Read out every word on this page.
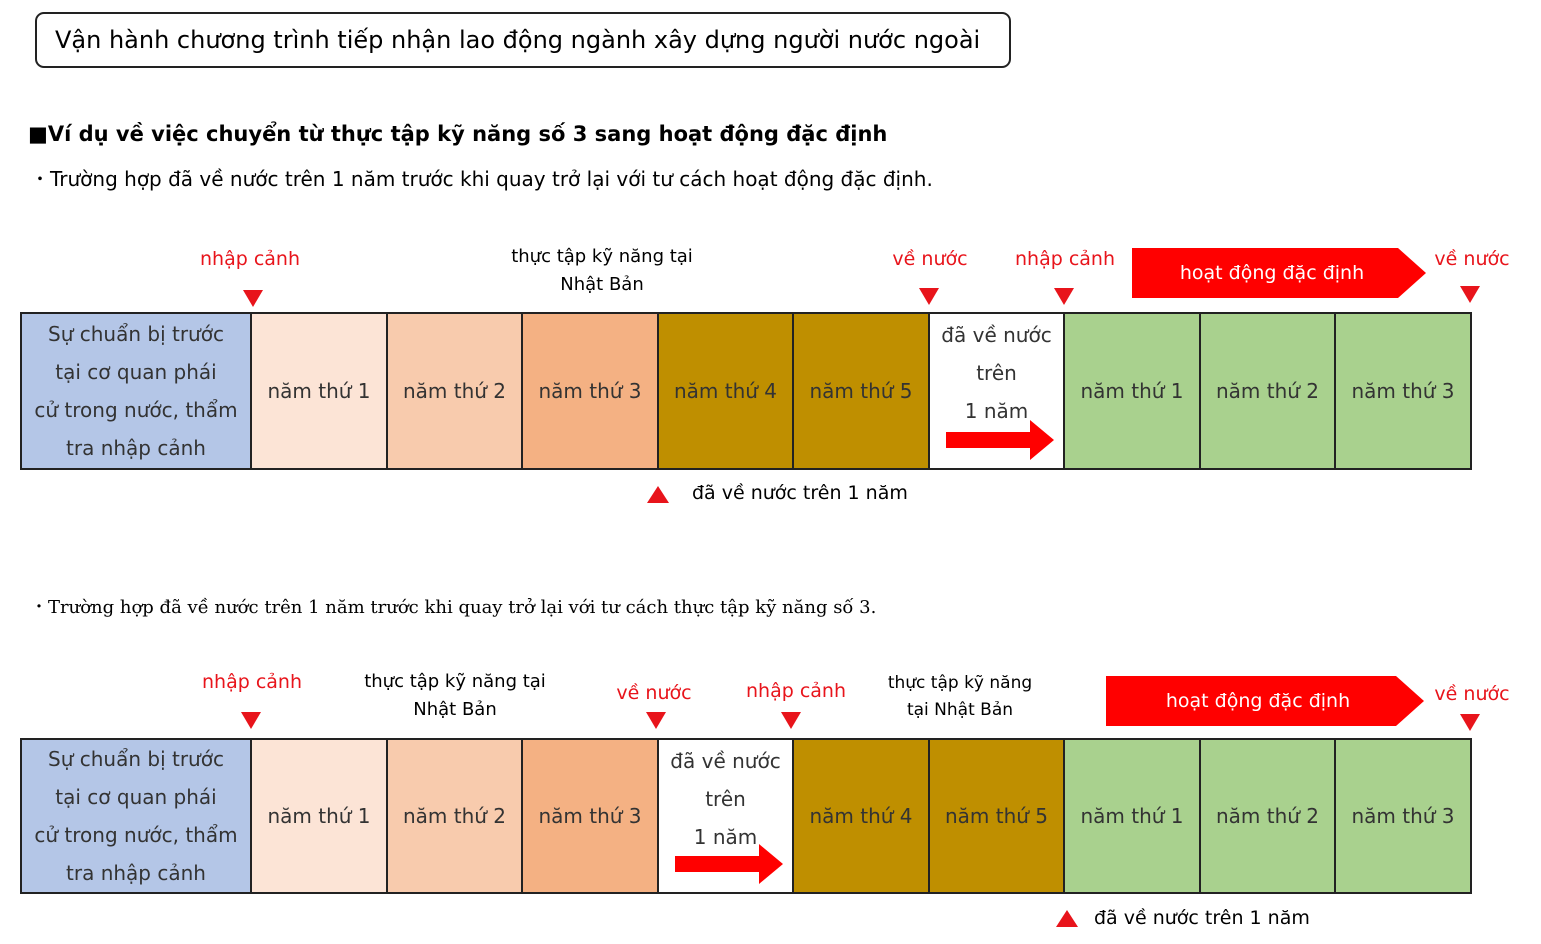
Vận hành chương trình tiếp nhận lao động ngành xây dựng người nước ngoài
■Ví dụ về việc chuyển từ thực tập kỹ năng số 3 sang hoạt động đặc định
・Trường hợp đã về nước trên 1 năm trước khi quay trở lại với tư cách hoạt động đặc định.
nhập cảnh	thực tập kỹ năng tại
Nhật Bản
về nước nhập cảnh
hoạt động đặc định
về nước
Sự chuẩn bị trước
tại cơ quan phái
cử trong nước, thẩm
tra nhập cảnh
năm thứ 1	năm thứ 2	năm thứ 3	năm thứ 4	năm thứ 5
đã về nước
trên
1 năm
năm thứ 1	năm thứ 2	năm thứ 3
đã về nước trên 1 năm
・Trường hợp đã về nước trên 1 năm trước khi quay trở lại với tư cách thực tập kỹ năng số 3.
nhập cảnh	thực tập kỹ năng tại
Nhật Bản
về nước	nhập cảnh thực tập kỹ năng
tại Nhật Bản	hoạt động đặc định	về nước
Sự chuẩn bị trước
tại cơ quan phái
cử trong nước, thẩm
tra nhập cảnh
năm thứ 1	năm thứ 2	năm thứ 3
đã về nước
trên
1 năm
năm thứ 4	năm thứ 5	năm thứ 1	năm thứ 2	năm thứ 3
đã về nước trên 1 năm
